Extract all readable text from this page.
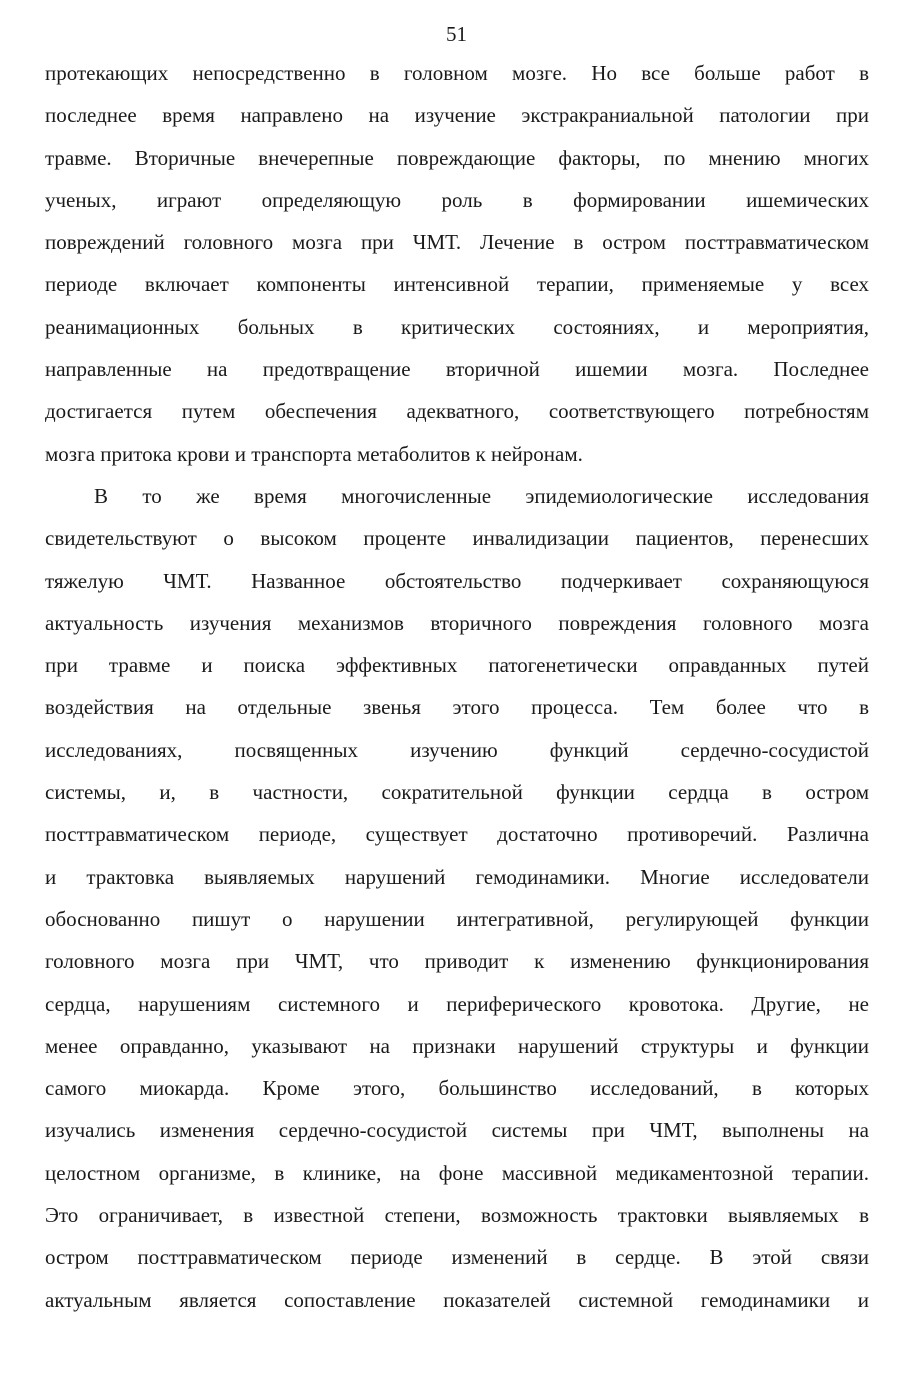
51
протекающих непосредственно в головном мозге. Но все больше работ в
последнее время направлено на изучение экстракраниальной патологии при
травме. Вторичные внечерепные повреждающие факторы, по мнению многих
ученых, играют определяющую роль в формировании ишемических
повреждений головного мозга при ЧМТ. Лечение в остром посттравматическом
периоде включает компоненты интенсивной терапии, применяемые у всех
реанимационных больных в критических состояниях, и мероприятия,
направленные на предотвращение вторичной ишемии мозга. Последнее
достигается путем обеспечения адекватного, соответствующего потребностям
мозга притока крови и транспорта метаболитов к нейронам.
В то же время многочисленные эпидемиологические исследования
свидетельствуют о высоком проценте инвалидизации пациентов, перенесших
тяжелую ЧМТ. Названное обстоятельство подчеркивает сохраняющуюся
актуальность изучения механизмов вторичного повреждения головного мозга
при травме и поиска эффективных патогенетически оправданных путей
воздействия на отдельные звенья этого процесса. Тем более что в
исследованиях, посвященных изучению функций сердечно-сосудистой
системы, и, в частности, сократительной функции сердца в остром
посттравматическом периоде, существует достаточно противоречий. Различна
и трактовка выявляемых нарушений гемодинамики. Многие исследователи
обоснованно пишут о нарушении интегративной, регулирующей функции
головного мозга при ЧМТ, что приводит к изменению функционирования
сердца, нарушениям системного и периферического кровотока. Другие, не
менее оправданно, указывают на признаки нарушений структуры и функции
самого миокарда. Кроме этого, большинство исследований, в которых
изучались изменения сердечно-сосудистой системы при ЧМТ, выполнены на
целостном организме, в клинике, на фоне массивной медикаментозной терапии.
Это ограничивает, в известной степени, возможность трактовки выявляемых в
остром посттравматическом периоде изменений в сердце. В этой связи
актуальным является сопоставление показателей системной гемодинамики и
